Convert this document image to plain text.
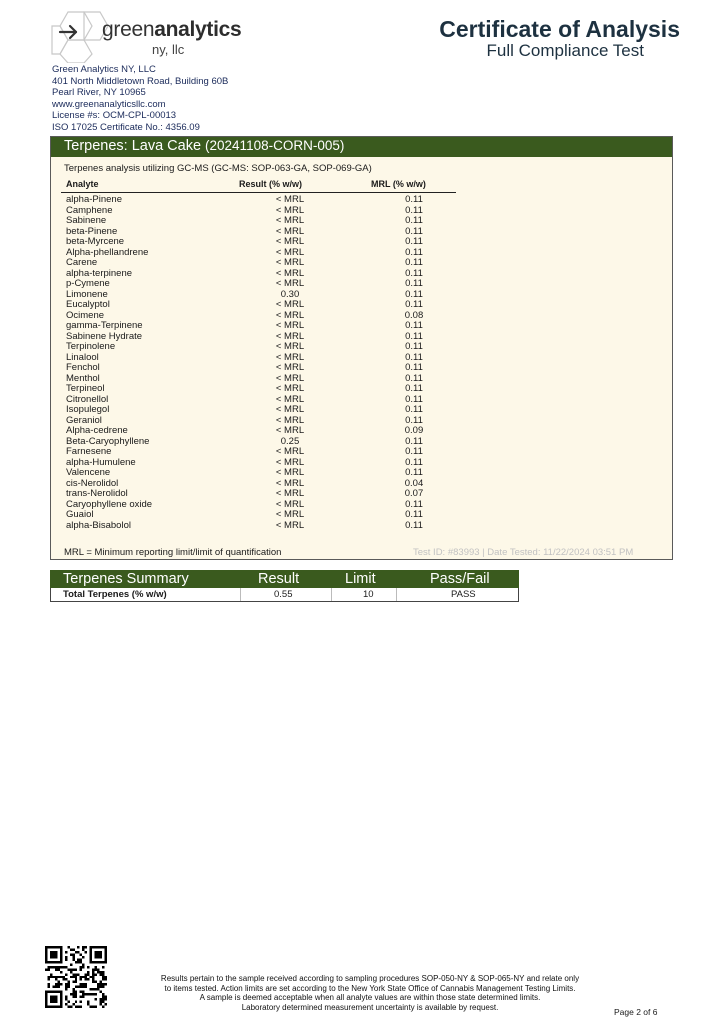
greenanalytics
ny, llc
Certificate of Analysis
Full Compliance Test
Green Analytics NY, LLC
401 North Middletown Road, Building 60B
Pearl River, NY 10965
www.greenanalyticsllc.com
License #s: OCM-CPL-00013
ISO 17025 Certificate No.: 4356.09
Terpenes: Lava Cake (20241108-CORN-005)
Terpenes analysis utilizing GC-MS (GC-MS: SOP-063-GA, SOP-069-GA)
Analyte	Result (% w/w)	MRL (% w/w)
alpha-Pinene	< MRL	0.11
Camphene	< MRL	0.11
Sabinene	< MRL	0.11
beta-Pinene	< MRL	0.11
beta-Myrcene	< MRL	0.11
Alpha-phellandrene	< MRL	0.11
Carene	< MRL	0.11
alpha-terpinene	< MRL	0.11
p-Cymene	< MRL	0.11
Limonene	0.30	0.11
Eucalyptol	< MRL	0.11
Ocimene	< MRL	0.08
gamma-Terpinene	< MRL	0.11
Sabinene Hydrate	< MRL	0.11
Terpinolene	< MRL	0.11
Linalool	< MRL	0.11
Fenchol	< MRL	0.11
Menthol	< MRL	0.11
Terpineol	< MRL	0.11
Citronellol	< MRL	0.11
Isopulegol	< MRL	0.11
Geraniol	< MRL	0.11
Alpha-cedrene	< MRL	0.09
Beta-Caryophyllene	0.25	0.11
Farnesene	< MRL	0.11
alpha-Humulene	< MRL	0.11
Valencene	< MRL	0.11
cis-Nerolidol	< MRL	0.04
trans-Nerolidol	< MRL	0.07
Caryophyllene oxide	< MRL	0.11
Guaiol	< MRL	0.11
alpha-Bisabolol	< MRL	0.11
MRL = Minimum reporting limit/limit of quantification	Test ID: #83993 | Date Tested: 11/22/2024 03:51 PM
Terpenes Summary	Result	Limit	Pass/Fail
Total Terpenes (% w/w)	0.55	10	PASS
Results pertain to the sample received according to sampling procedures SOP-050-NY & SOP-065-NY and relate only
to items tested. Action limits are set according to the New York State Office of Cannabis Management Testing Limits.
A sample is deemed acceptable when all analyte values are within those state determined limits.
Laboratory determined measurement uncertainty is available by request.	Page 2 of 6
